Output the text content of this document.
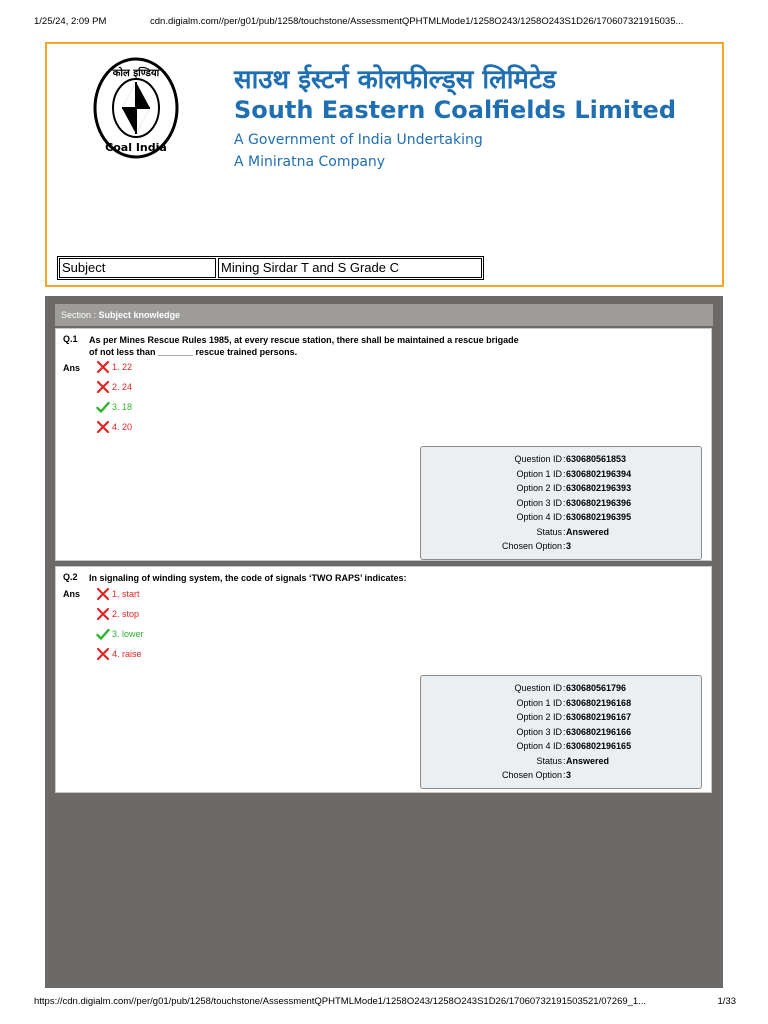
1/25/24, 2:09 PM	cdn.digialm.com//per/g01/pub/1258/touchstone/AssessmentQPHTMLMode1/1258O243/1258O243S1D26/170607321915035...
कोल इण्डिया
Coal India
साउथ ईस्टर्न कोलफील्ड्स लिमिटेड
South Eastern Coalfields Limited
A Government of India Undertaking
A Miniratna Company
Subject	Mining Sirdar T and S Grade C
Section : Subject knowledge
Q.1 As per Mines Rescue Rules 1985, at every rescue station, there shall be maintained a rescue brigade of not less than _______ rescue trained persons.
Ans	1. 22
2. 24
3. 18
4. 20
Question ID : 630680561853
Option 1 ID : 6306802196394
Option 2 ID : 6306802196393
Option 3 ID : 6306802196396
Option 4 ID : 6306802196395
Status : Answered
Chosen Option : 3
Q.2 In signaling of winding system, the code of signals ‘TWO RAPS’ indicates:
Ans	1. start
2. stop
3. lower
4. raise
Question ID : 630680561796
Option 1 ID : 6306802196168
Option 2 ID : 6306802196167
Option 3 ID : 6306802196166
Option 4 ID : 6306802196165
Status : Answered
Chosen Option : 3
https://cdn.digialm.com//per/g01/pub/1258/touchstone/AssessmentQPHTMLMode1/1258O243/1258O243S1D26/17060732191503521/07269_1...	1/33
